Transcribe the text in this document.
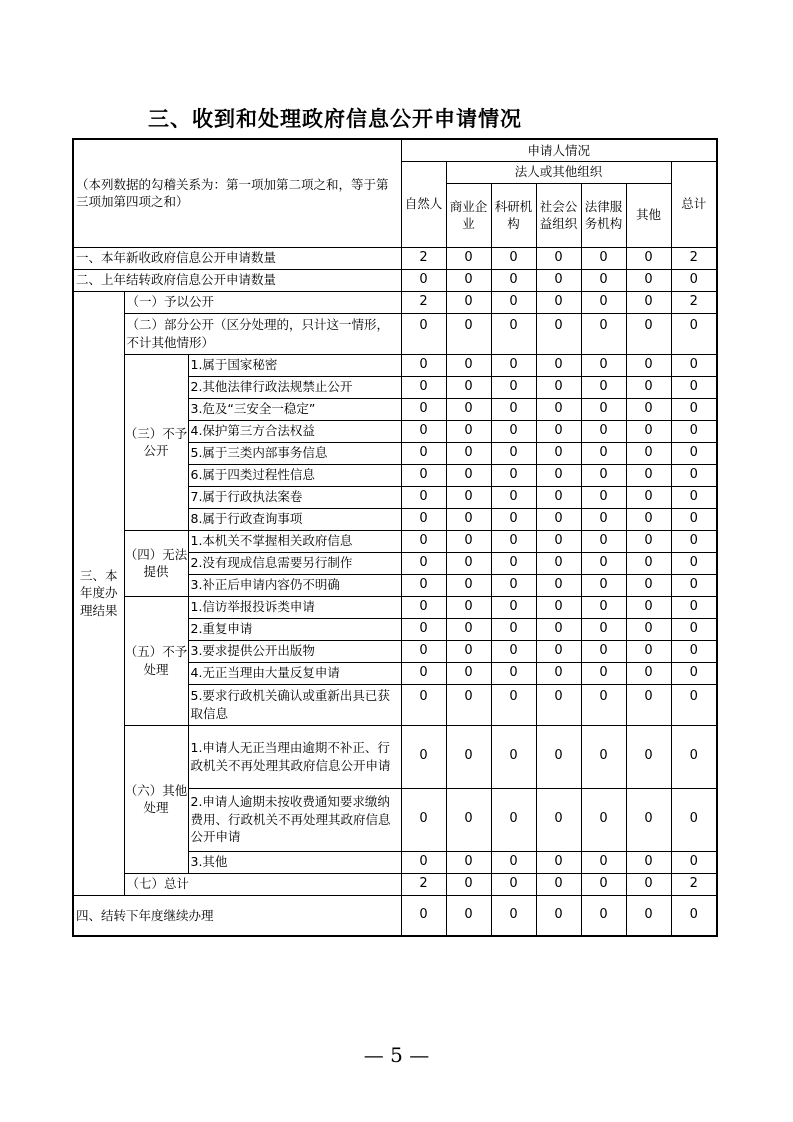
三、收到和处理政府信息公开申请情况
（本列数据的勾稽关系为：第一项加第二项之和，等于第三项加第四项之和）			申请人情况						
			自然人	法人或其他组织					总计
				商业企业	科研机构	社会公益组织	法律服务机构	其他	

一、本年新收政府信息公开申请数量			2	0	0	0	0	0	2
二、上年结转政府信息公开申请数量			0	0	0	0	0	0	0
三、本年度办理结果	（一）予以公开		2	0	0	0	0	0	2
	（二）部分公开（区分处理的，只计这一情形，不计其他情形）		0	0	0	0	0	0	0
	（三）不予公开	1.属于国家秘密	0	0	0	0	0	0	0
		2.其他法律行政法规禁止公开	0	0	0	0	0	0	0
		3.危及“三安全一稳定”	0	0	0	0	0	0	0
		4.保护第三方合法权益	0	0	0	0	0	0	0
		5.属于三类内部事务信息	0	0	0	0	0	0	0
		6.属于四类过程性信息	0	0	0	0	0	0	0
		7.属于行政执法案卷	0	0	0	0	0	0	0
		8.属于行政查询事项	0	0	0	0	0	0	0
	（四）无法提供	1.本机关不掌握相关政府信息	0	0	0	0	0	0	0
		2.没有现成信息需要另行制作	0	0	0	0	0	0	0
		3.补正后申请内容仍不明确	0	0	0	0	0	0	0
	（五）不予处理	1.信访举报投诉类申请	0	0	0	0	0	0	0
		2.重复申请	0	0	0	0	0	0	0
		3.要求提供公开出版物	0	0	0	0	0	0	0
		4.无正当理由大量反复申请	0	0	0	0	0	0	0
		5.要求行政机关确认或重新出具已获取信息	0	0	0	0	0	0	0
	（六）其他处理	1.申请人无正当理由逾期不补正、行政机关不再处理其政府信息公开申请	0	0	0	0	0	0	0
		2.申请人逾期未按收费通知要求缴纳费用、行政机关不再处理其政府信息公开申请	0	0	0	0	0	0	0
		3.其他	0	0	0	0	0	0	0
	（七）总计		2	0	0	0	0	0	2
四、结转下年度继续办理			0	0	0	0	0	0	0
— 5 —
